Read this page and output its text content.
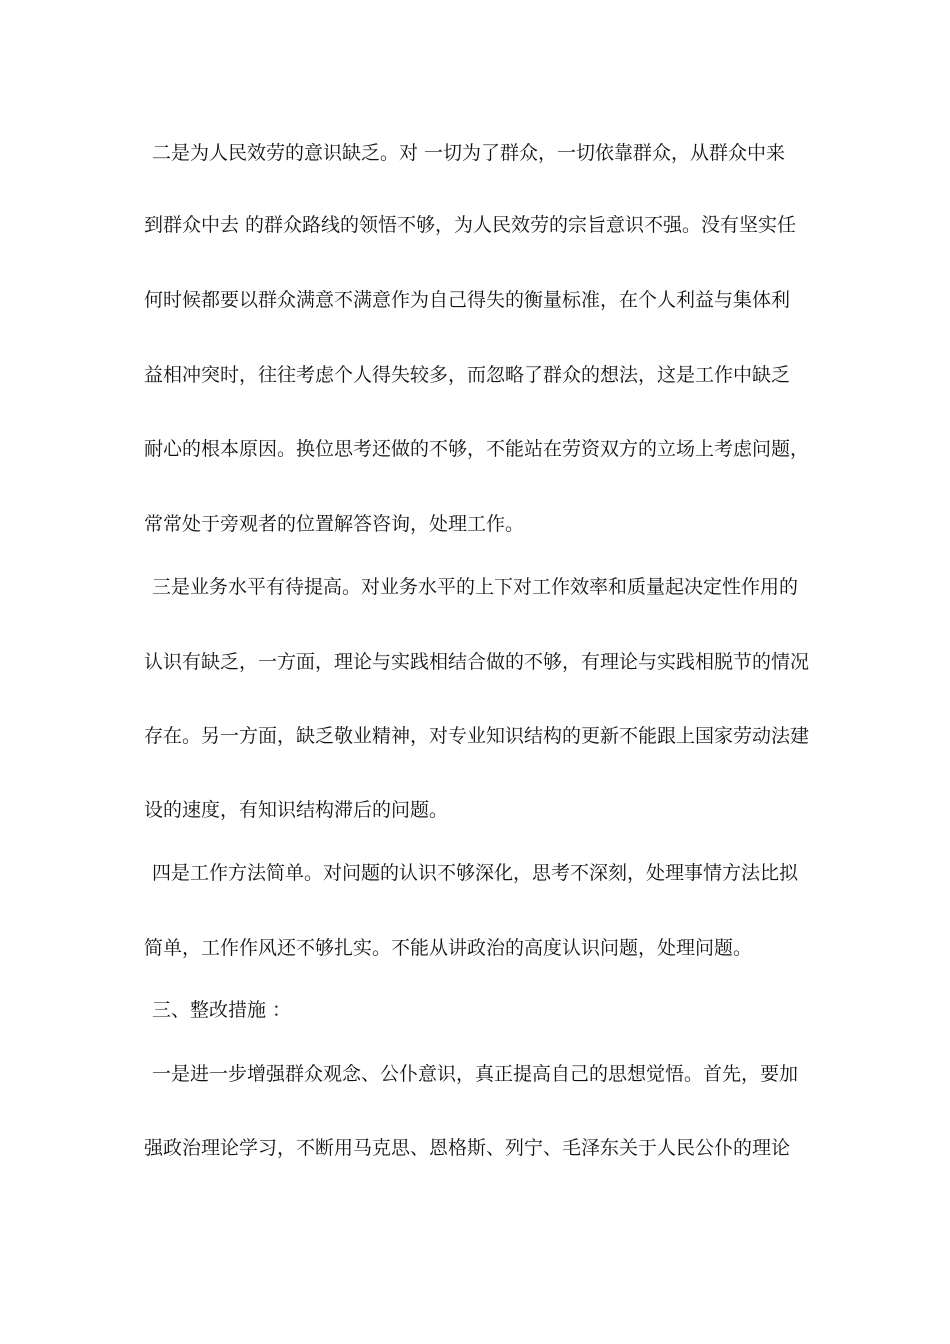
二是为人民效劳的意识缺乏。对 一切为了群众，一切依靠群众，从群众中来
到群众中去 的群众路线的领悟不够，为人民效劳的宗旨意识不强。没有坚实任
何时候都要以群众满意不满意作为自己得失的衡量标准，在个人利益与集体利
益相冲突时，往往考虑个人得失较多，而忽略了群众的想法，这是工作中缺乏
耐心的根本原因。换位思考还做的不够，不能站在劳资双方的立场上考虑问题，
常常处于旁观者的位置解答咨询，处理工作。
三是业务水平有待提高。对业务水平的上下对工作效率和质量起决定性作用的
认识有缺乏，一方面，理论与实践相结合做的不够，有理论与实践相脱节的情况
存在。另一方面，缺乏敬业精神，对专业知识结构的更新不能跟上国家劳动法建
设的速度，有知识结构滞后的问题。
四是工作方法简单。对问题的认识不够深化，思考不深刻，处理事情方法比拟
简单，工作作风还不够扎实。不能从讲政治的高度认识问题，处理问题。
三、整改措施 ：
一是进一步增强群众观念、公仆意识，真正提高自己的思想觉悟。首先，要加
强政治理论学习，不断用马克思、恩格斯、列宁、毛泽东关于人民公仆的理论
